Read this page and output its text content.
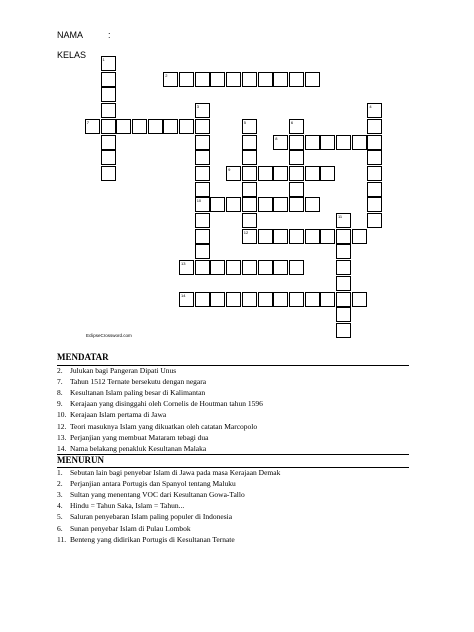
NAMA	:
KELAS	1
2
3
10
4
5
12
6
7
8
9
11
13
14
EclipseCrossword.com
MENDATAR
2. Julukan bagi Pangeran Dipati Unus
7. Tahun 1512 Ternate bersekutu dengan negara
8. Kesultanan Islam paling besar di Kalimantan
9. Kerajaan yang disinggahi oleh Cornelis de Houtman tahun 1596
10. Kerajaan Islam pertama di Jawa
12. Teori masuknya Islam yang dikuatkan oleh catatan Marcopolo
13. Perjanjian yang membuat Mataram tebagi dua
14. Nama belakang penakluk Kesultanan Malaka
MENURUN
1. Sebutan lain bagi penyebar Islam di Jawa pada masa Kerajaan Demak
2. Perjanjian antara Portugis dan Spanyol tentang Maluku
3. Sultan yang menentang VOC dari Kesultanan Gowa-Tallo
4. Hindu = Tahun Saka, Islam = Tahun...
5. Saluran penyebaran Islam paling populer di Indonesia
6. Sunan penyebar Islam di Pulau Lombok
11. Benteng yang didirikan Portugis di Kesultanan Ternate
